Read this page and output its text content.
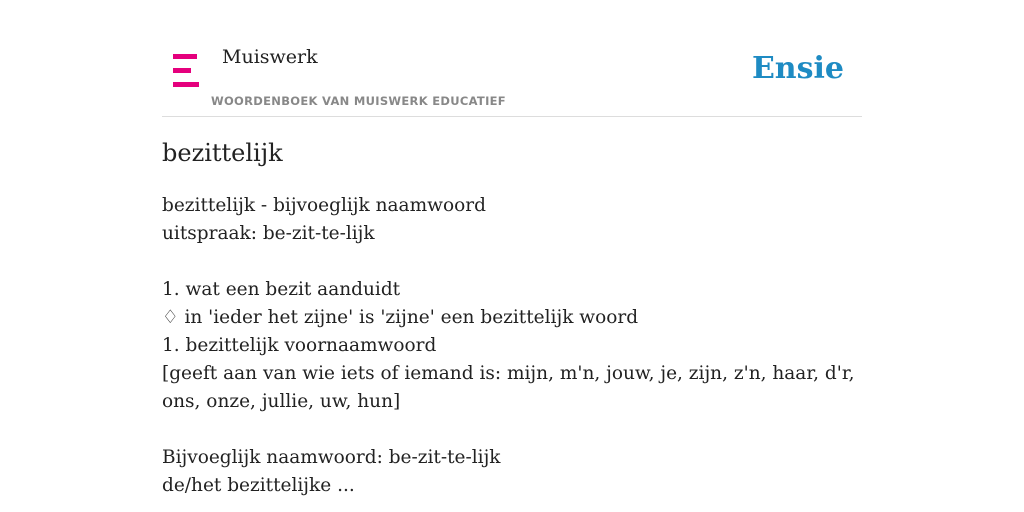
Muiswerk
WOORDENBOEK VAN MUISWERK EDUCATIEF
Ensie
bezittelijk
bezittelijk - bijvoeglijk naamwoord
uitspraak: be-zit-te-lijk
1. wat een bezit aanduidt
♢ in 'ieder het zijne' is 'zijne' een bezittelijk woord
1. bezittelijk voornaamwoord
[geeft aan van wie iets of iemand is: mijn, m'n, jouw, je, zijn, z'n, haar, d'r, ons, onze, jullie, uw, hun]
Bijvoeglijk naamwoord: be-zit-te-lijk
de/het bezittelijke ...
